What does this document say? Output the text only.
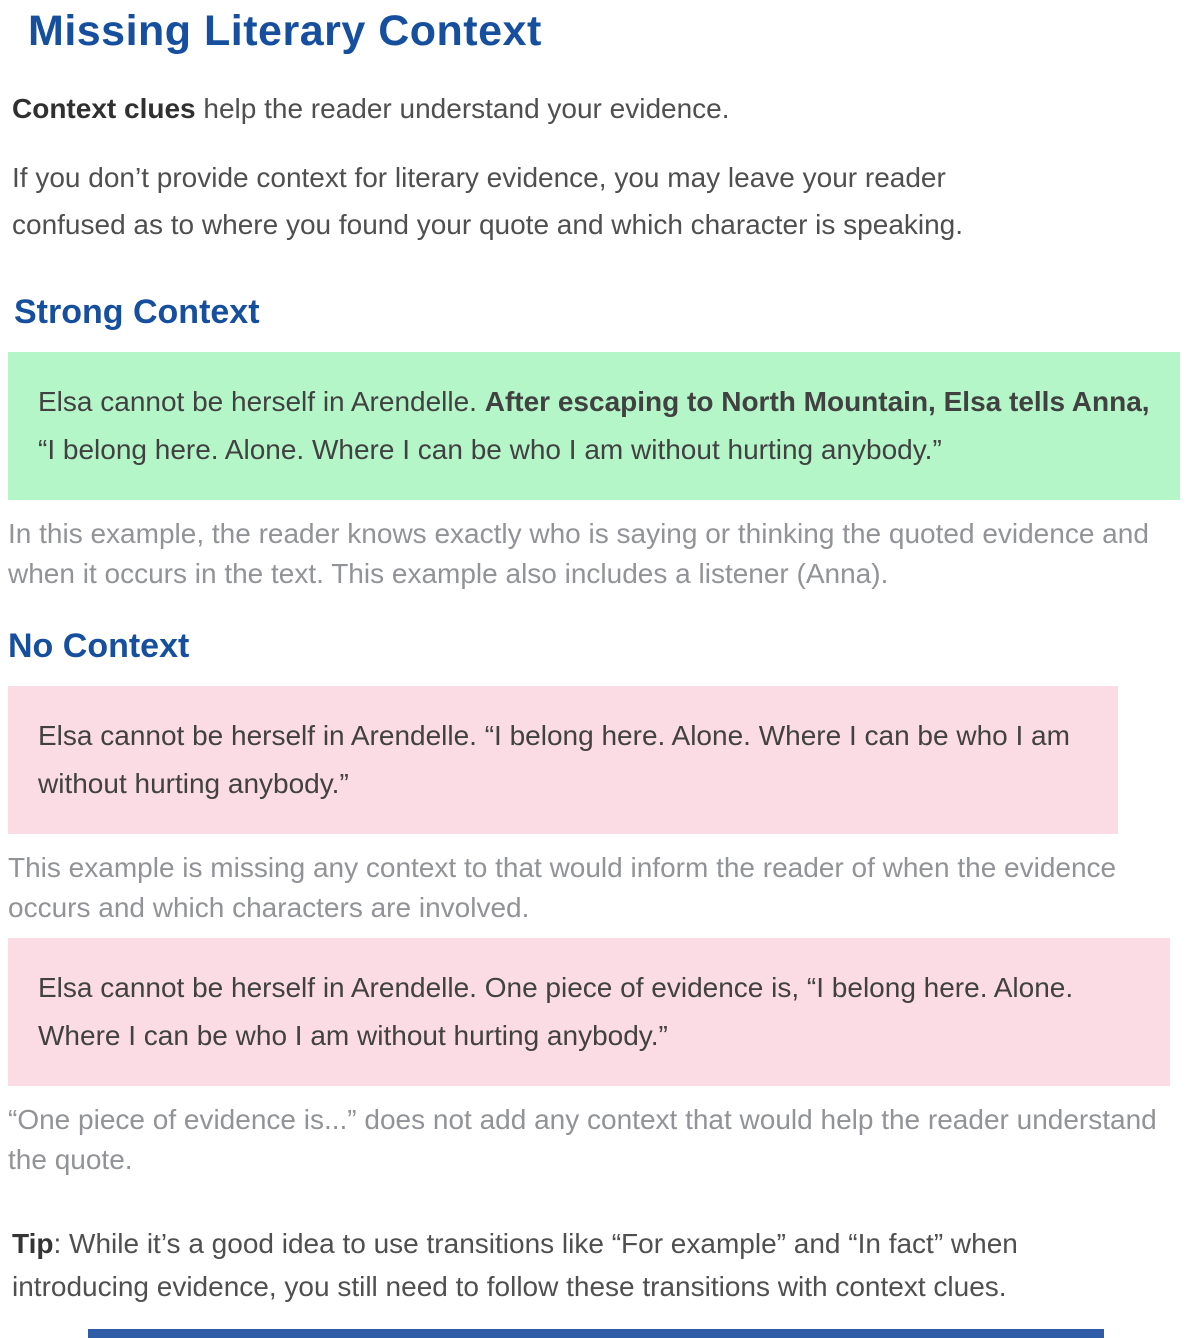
Missing Literary Context

Context clues help the reader understand your evidence.

If you don’t provide context for literary evidence, you may leave your reader confused as to where you found your quote and which character is speaking.

Strong Context

Elsa cannot be herself in Arendelle. After escaping to North Mountain, Elsa tells Anna, “I belong here. Alone. Where I can be who I am without hurting anybody.”

In this example, the reader knows exactly who is saying or thinking the quoted evidence and when it occurs in the text. This example also includes a listener (Anna).

No Context

Elsa cannot be herself in Arendelle. “I belong here. Alone. Where I can be who I am without hurting anybody.”

This example is missing any context to that would inform the reader of when the evidence occurs and which characters are involved.

Elsa cannot be herself in Arendelle. One piece of evidence is, “I belong here. Alone. Where I can be who I am without hurting anybody.”

“One piece of evidence is...” does not add any context that would help the reader understand the quote.

Tip: While it’s a good idea to use transitions like “For example” and “In fact” when introducing evidence, you still need to follow these transitions with context clues.
